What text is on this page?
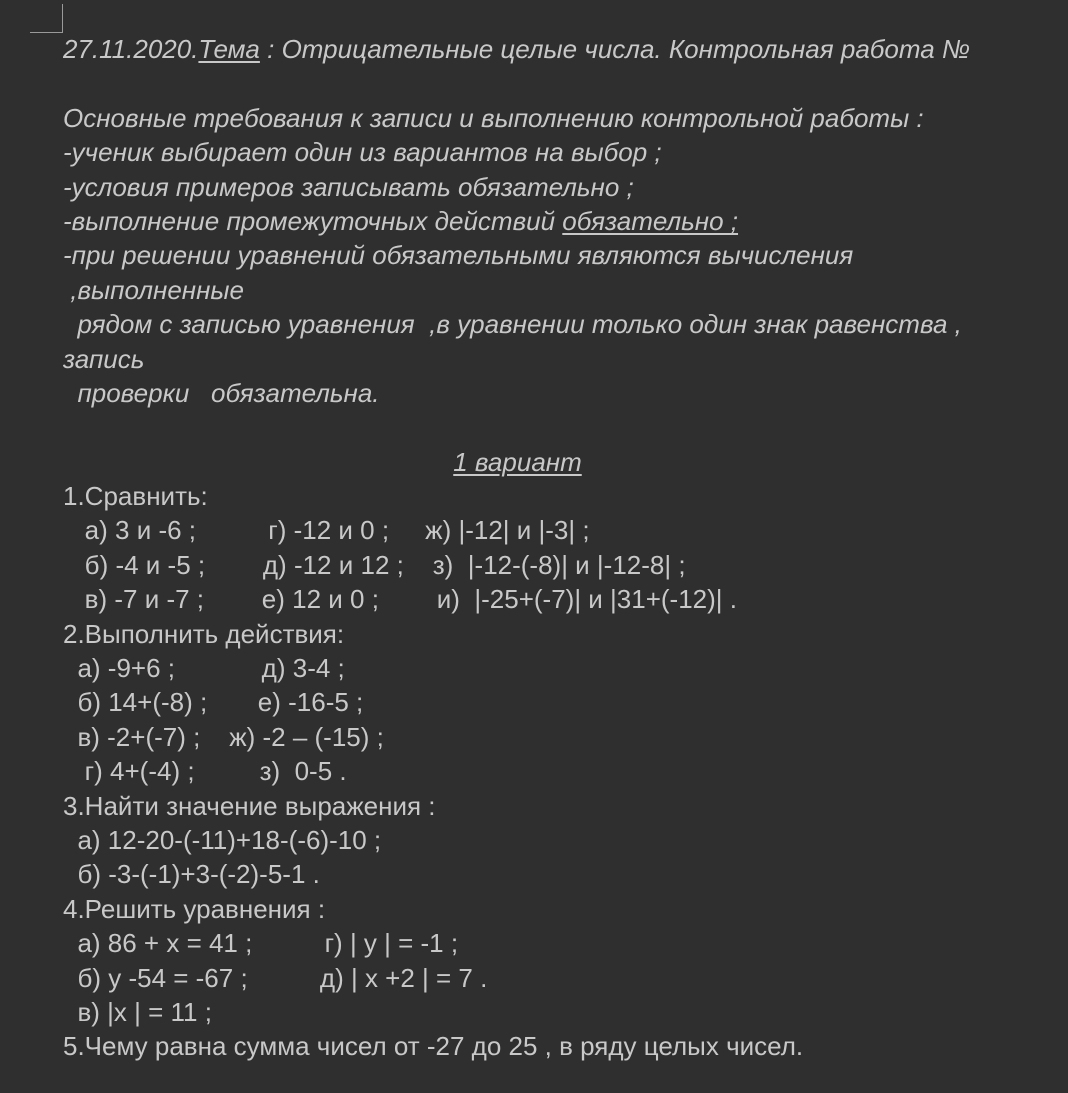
27.11.2020.Тема : Отрицательные целые числа. Контрольная работа №
Основные требования к записи и выполнению контрольной работы :
-ученик выбирает один из вариантов на выбор ;
-условия примеров записывать обязательно ;
-выполнение промежуточных действий обязательно ;
-при решении уравнений обязательными являются вычисления
,выполненные
рядом с записью уравнения  ,в уравнении только один знак равенства ,
запись
проверки   обязательна.
1 вариант
1.Сравнить:
а) 3 и -6 ;          г) -12 и 0 ;     ж) |-12| и |-3| ;
б) -4 и -5 ;        д) -12 и 12 ;    з)  |-12-(-8)| и |-12-8| ;
в) -7 и -7 ;        е) 12 и 0 ;        и)  |-25+(-7)| и |31+(-12)| .
2.Выполнить действия:
а) -9+6 ;            д) 3-4 ;
б) 14+(-8) ;       е) -16-5 ;
в) -2+(-7) ;    ж) -2 – (-15) ;
г) 4+(-4) ;         з)  0-5 .
3.Найти значение выражения :
а) 12-20-(-11)+18-(-6)-10 ;
б) -3-(-1)+3-(-2)-5-1 .
4.Решить уравнения :
а) 86 + х = 41 ;          г) | у | = -1 ;
б) у -54 = -67 ;          д) | х +2 | = 7 .
в) |х | = 11 ;
5.Чему равна сумма чисел от -27 до 25 , в ряду целых чисел.
